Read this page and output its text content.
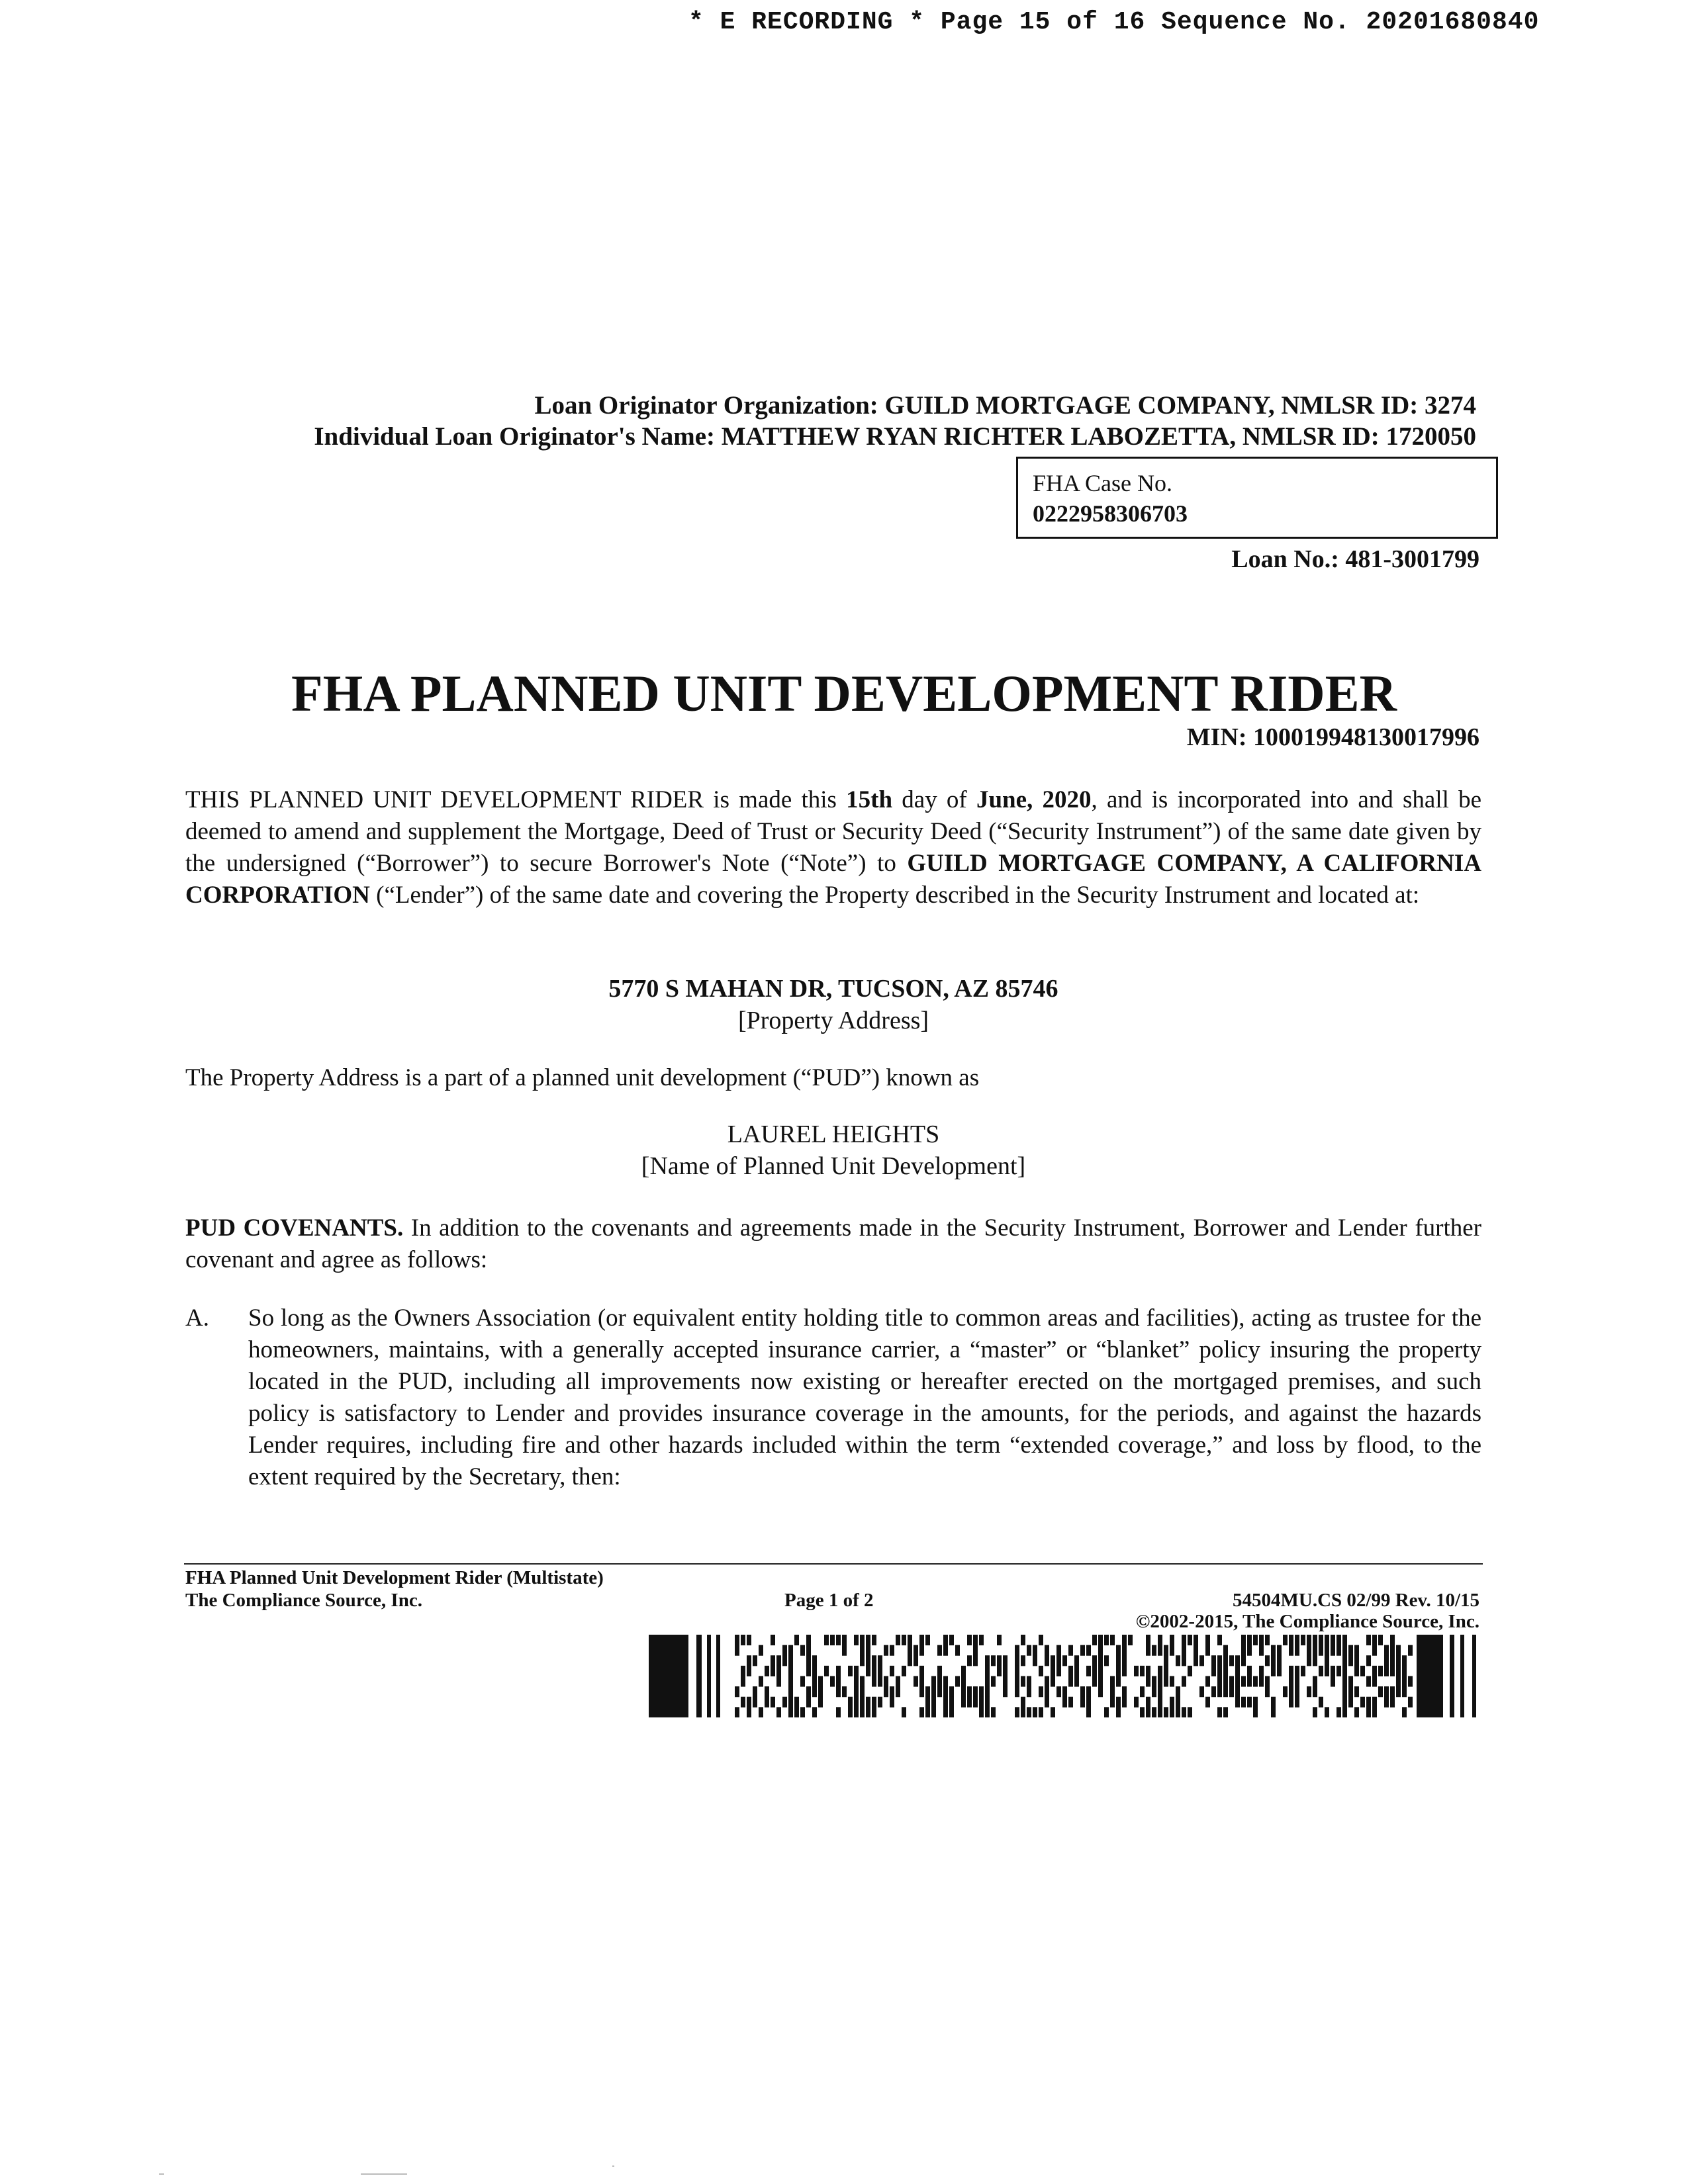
* E RECORDING * Page 15 of 16 Sequence No. 20201680840
Loan Originator Organization: GUILD MORTGAGE COMPANY, NMLSR ID: 3274
Individual Loan Originator's Name: MATTHEW RYAN RICHTER LABOZETTA, NMLSR ID: 1720050
FHA Case No.
0222958306703
Loan No.: 481-3001799
FHA PLANNED UNIT DEVELOPMENT RIDER
MIN: 100019948130017996
THIS PLANNED UNIT DEVELOPMENT RIDER is made this 15th day of June, 2020, and is incorporated into and shall be deemed to amend and supplement the Mortgage, Deed of Trust or Security Deed (“Security Instrument”) of the same date given by the undersigned (“Borrower”) to secure Borrower's Note (“Note”) to GUILD MORTGAGE COMPANY, A CALIFORNIA CORPORATION (“Lender”) of the same date and covering the Property described in the Security Instrument and located at:
5770 S MAHAN DR, TUCSON, AZ 85746
[Property Address]
The Property Address is a part of a planned unit development (“PUD”) known as
LAUREL HEIGHTS
[Name of Planned Unit Development]
PUD COVENANTS. In addition to the covenants and agreements made in the Security Instrument, Borrower and Lender further covenant and agree as follows:
A. So long as the Owners Association (or equivalent entity holding title to common areas and facilities), acting as trustee for the homeowners, maintains, with a generally accepted insurance carrier, a “master” or “blanket” policy insuring the property located in the PUD, including all improvements now existing or hereafter erected on the mortgaged premises, and such policy is satisfactory to Lender and provides insurance coverage in the amounts, for the periods, and against the hazards Lender requires, including fire and other hazards included within the term “extended coverage,” and loss by flood, to the extent required by the Secretary, then:
FHA Planned Unit Development Rider (Multistate)
The Compliance Source, Inc.	Page 1 of 2	54504MU.CS 02/99 Rev. 10/15
©2002-2015, The Compliance Source, Inc.
